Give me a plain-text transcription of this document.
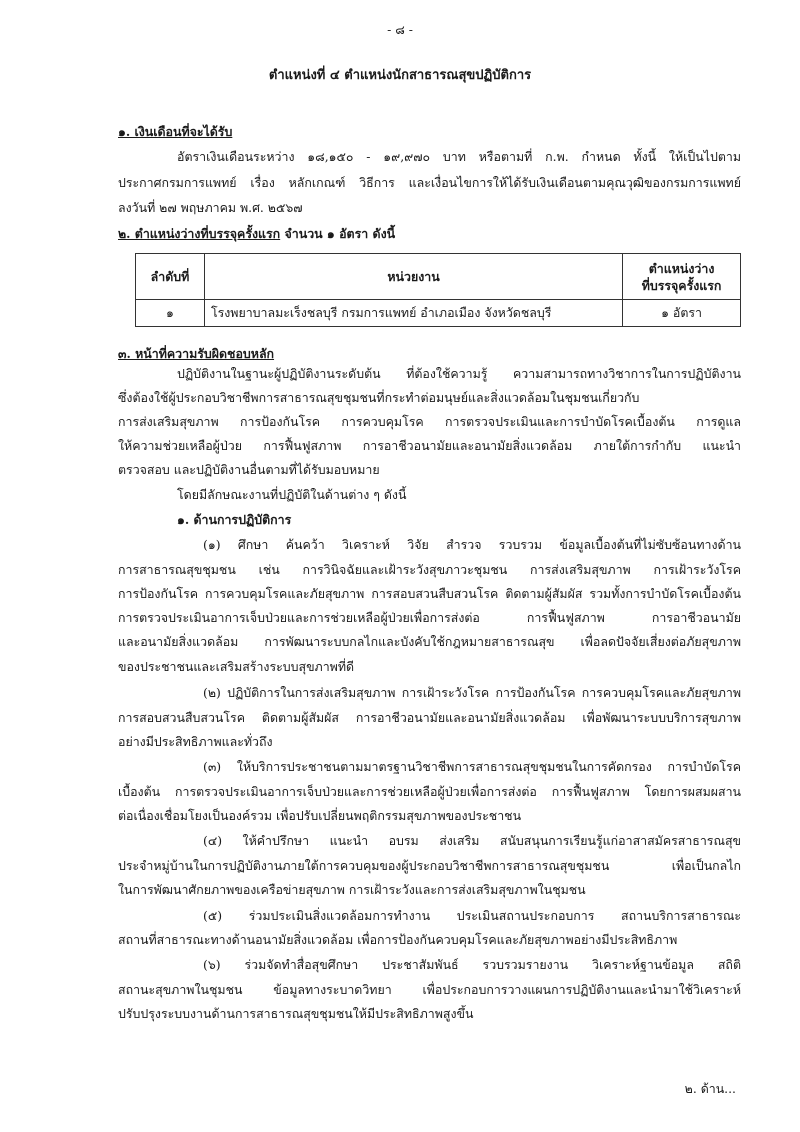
- ๘ -
ตำแหน่งที่ ๔ ตำแหน่งนักสาธารณสุขปฏิบัติการ
๑. เงินเดือนที่จะได้รับ
อัตราเงินเดือนระหว่าง ๑๘,๑๕๐ - ๑๙,๙๗๐ บาท หรือตามที่ ก.พ. กำหนด ทั้งนี้ ให้เป็นไปตาม
ประกาศกรมการแพทย์ เรื่อง หลักเกณฑ์ วิธีการ และเงื่อนไขการให้ได้รับเงินเดือนตามคุณวุฒิของกรมการแพทย์
ลงวันที่ ๒๗ พฤษภาคม พ.ศ. ๒๕๖๗
๒. ตำแหน่งว่างที่บรรจุครั้งแรก จำนวน ๑ อัตรา ดังนี้
ลำดับที่	หน่วยงาน	ตำแหน่งว่าง
ที่บรรจุครั้งแรก
๑	โรงพยาบาลมะเร็งชลบุรี กรมการแพทย์ อำเภอเมือง จังหวัดชลบุรี	๑ อัตรา
๓. หน้าที่ความรับผิดชอบหลัก
ปฏิบัติงานในฐานะผู้ปฏิบัติงานระดับต้น ที่ต้องใช้ความรู้ ความสามารถทางวิชาการในการปฏิบัติงาน
ซึ่งต้องใช้ผู้ประกอบวิชาชีพการสาธารณสุขชุมชนที่กระทำต่อมนุษย์และสิ่งแวดล้อมในชุมชนเกี่ยวกับ
การส่งเสริมสุขภาพ การป้องกันโรค การควบคุมโรค การตรวจประเมินและการบำบัดโรคเบื้องต้น การดูแล
ให้ความช่วยเหลือผู้ป่วย การฟื้นฟูสภาพ การอาชีวอนามัยและอนามัยสิ่งแวดล้อม ภายใต้การกำกับ แนะนำ
ตรวจสอบ และปฏิบัติงานอื่นตามที่ได้รับมอบหมาย
โดยมีลักษณะงานที่ปฏิบัติในด้านต่าง ๆ ดังนี้
๑. ด้านการปฏิบัติการ
(๑) ศึกษา ค้นคว้า วิเคราะห์ วิจัย สำรวจ รวบรวม ข้อมูลเบื้องต้นที่ไม่ซับซ้อนทางด้าน
การสาธารณสุขชุมชน เช่น การวินิจฉัยและเฝ้าระวังสุขภาวะชุมชน การส่งเสริมสุขภาพ การเฝ้าระวังโรค
การป้องกันโรค การควบคุมโรคและภัยสุขภาพ การสอบสวนสืบสวนโรค ติดตามผู้สัมผัส รวมทั้งการบำบัดโรคเบื้องต้น
การตรวจประเมินอาการเจ็บป่วยและการช่วยเหลือผู้ป่วยเพื่อการส่งต่อ การฟื้นฟูสภาพ การอาชีวอนามัย
และอนามัยสิ่งแวดล้อม การพัฒนาระบบกลไกและบังคับใช้กฎหมายสาธารณสุข เพื่อลดปัจจัยเสี่ยงต่อภัยสุขภาพ
ของประชาชนและเสริมสร้างระบบสุขภาพที่ดี
(๒) ปฏิบัติการในการส่งเสริมสุขภาพ การเฝ้าระวังโรค การป้องกันโรค การควบคุมโรคและภัยสุขภาพ
การสอบสวนสืบสวนโรค ติดตามผู้สัมผัส การอาชีวอนามัยและอนามัยสิ่งแวดล้อม เพื่อพัฒนาระบบบริการสุขภาพ
อย่างมีประสิทธิภาพและทั่วถึง
(๓) ให้บริการประชาชนตามมาตรฐานวิชาชีพการสาธารณสุขชุมชนในการคัดกรอง การบำบัดโรค
เบื้องต้น การตรวจประเมินอาการเจ็บป่วยและการช่วยเหลือผู้ป่วยเพื่อการส่งต่อ การฟื้นฟูสภาพ โดยการผสมผสาน
ต่อเนื่องเชื่อมโยงเป็นองค์รวม เพื่อปรับเปลี่ยนพฤติกรรมสุขภาพของประชาชน
(๔) ให้คำปรึกษา แนะนำ อบรม ส่งเสริม สนับสนุนการเรียนรู้แก่อาสาสมัครสาธารณสุข
ประจำหมู่บ้านในการปฏิบัติงานภายใต้การควบคุมของผู้ประกอบวิชาชีพการสาธารณสุขชุมชน เพื่อเป็นกลไก
ในการพัฒนาศักยภาพของเครือข่ายสุขภาพ การเฝ้าระวังและการส่งเสริมสุขภาพในชุมชน
(๕) ร่วมประเมินสิ่งแวดล้อมการทำงาน ประเมินสถานประกอบการ สถานบริการสาธารณะ
สถานที่สาธารณะทางด้านอนามัยสิ่งแวดล้อม เพื่อการป้องกันควบคุมโรคและภัยสุขภาพอย่างมีประสิทธิภาพ
(๖) ร่วมจัดทำสื่อสุขศึกษา ประชาสัมพันธ์ รวบรวมรายงาน วิเคราะห์ฐานข้อมูล สถิติ
สถานะสุขภาพในชุมชน ข้อมูลทางระบาดวิทยา เพื่อประกอบการวางแผนการปฏิบัติงานและนำมาใช้วิเคราะห์
ปรับปรุงระบบงานด้านการสาธารณสุขชุมชนให้มีประสิทธิภาพสูงขึ้น
๒. ด้าน...
